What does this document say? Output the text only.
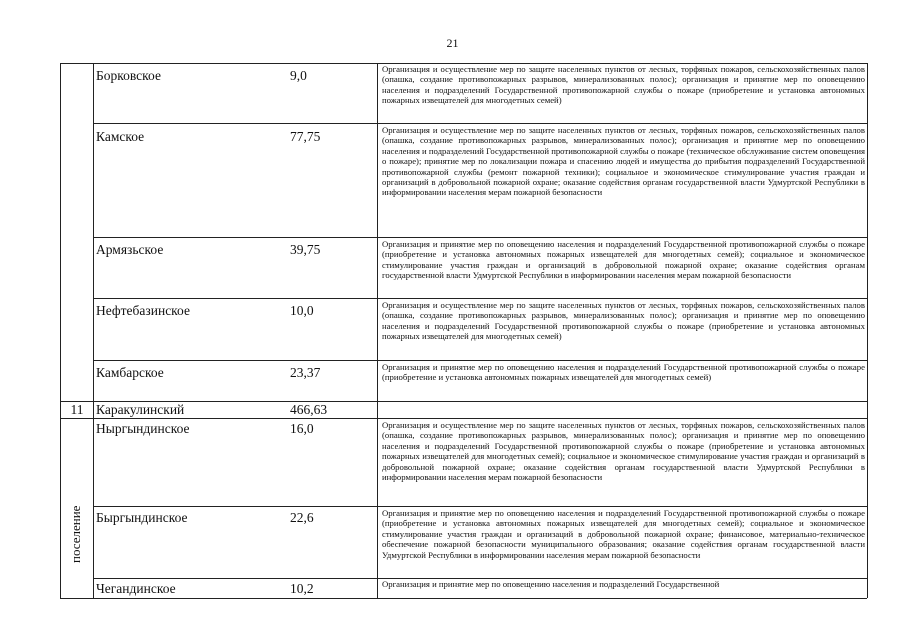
21
поселение
Борковское	9,0	Организация и осуществление мер по защите населенных пунктов от лесных, торфяных пожаров, сельскохозяйственных палов (опашка, создание противопожарных разрывов, минерализованных полос); организация и принятие мер по оповещению населения и подразделений Государственной противопожарной службы о пожаре (приобретение и установка автономных пожарных извещателей для многодетных семей)
Камское	77,75	Организация и осуществление мер по защите населенных пунктов от лесных, торфяных пожаров, сельскохозяйственных палов (опашка, создание противопожарных разрывов, минерализованных полос); организация и принятие мер по оповещению населения и подразделений Государственной противопожарной службы о пожаре (техническое обслуживание систем оповещения о пожаре); принятие мер по локализации пожара и спасению людей и имущества до прибытия подразделений Государственной противопожарной службы (ремонт пожарной техники); социальное и экономическое стимулирование участия граждан и организаций в добровольной пожарной охране; оказание содействия органам государственной власти Удмуртской Республики в информировании населения мерам пожарной безопасности
Армязьское	39,75	Организация и принятие мер по оповещению населения и подразделений Государственной противопожарной службы о пожаре (приобретение и установка автономных пожарных извещателей для многодетных семей); социальное и экономическое стимулирование участия граждан и организаций в добровольной пожарной охране; оказание содействия органам государственной власти Удмуртской Республики в информировании населения мерам пожарной безопасности
Нефтебазинское	10,0	Организация и осуществление мер по защите населенных пунктов от лесных, торфяных пожаров, сельскохозяйственных палов (опашка, создание противопожарных разрывов, минерализованных полос); организация и принятие мер по оповещению населения и подразделений Государственной противопожарной службы о пожаре (приобретение и установка автономных пожарных извещателей для многодетных семей)
Камбарское	23,37	Организация и принятие мер по оповещению населения и подразделений Государственной противопожарной службы о пожаре (приобретение и установка автономных пожарных извещателей для многодетных семей)
11 Каракулинский	466,63
Ныргындинское	16,0	Организация и осуществление мер по защите населенных пунктов от лесных, торфяных пожаров, сельскохозяйственных палов (опашка, создание противопожарных разрывов, минерализованных полос); организация и принятие мер по оповещению населения и подразделений Государственной противопожарной службы о пожаре (приобретение и установка автономных пожарных извещателей для многодетных семей); социальное и экономическое стимулирование участия граждан и организаций в добровольной пожарной охране; оказание содействия органам государственной власти Удмуртской Республики в информировании населения мерам пожарной безопасности
Быргындинское	22,6	Организация и принятие мер по оповещению населения и подразделений Государственной противопожарной службы о пожаре (приобретение и установка автономных пожарных извещателей для многодетных семей); социальное и экономическое стимулирование участия граждан и организаций в добровольной пожарной охране; финансовое, материально-техническое обеспечение пожарной безопасности муниципального образования; оказание содействия органам государственной власти Удмуртской Республики в информировании населения мерам пожарной безопасности
Чегандинское	10,2	Организация и принятие мер по оповещению населения и подразделений Государственной
